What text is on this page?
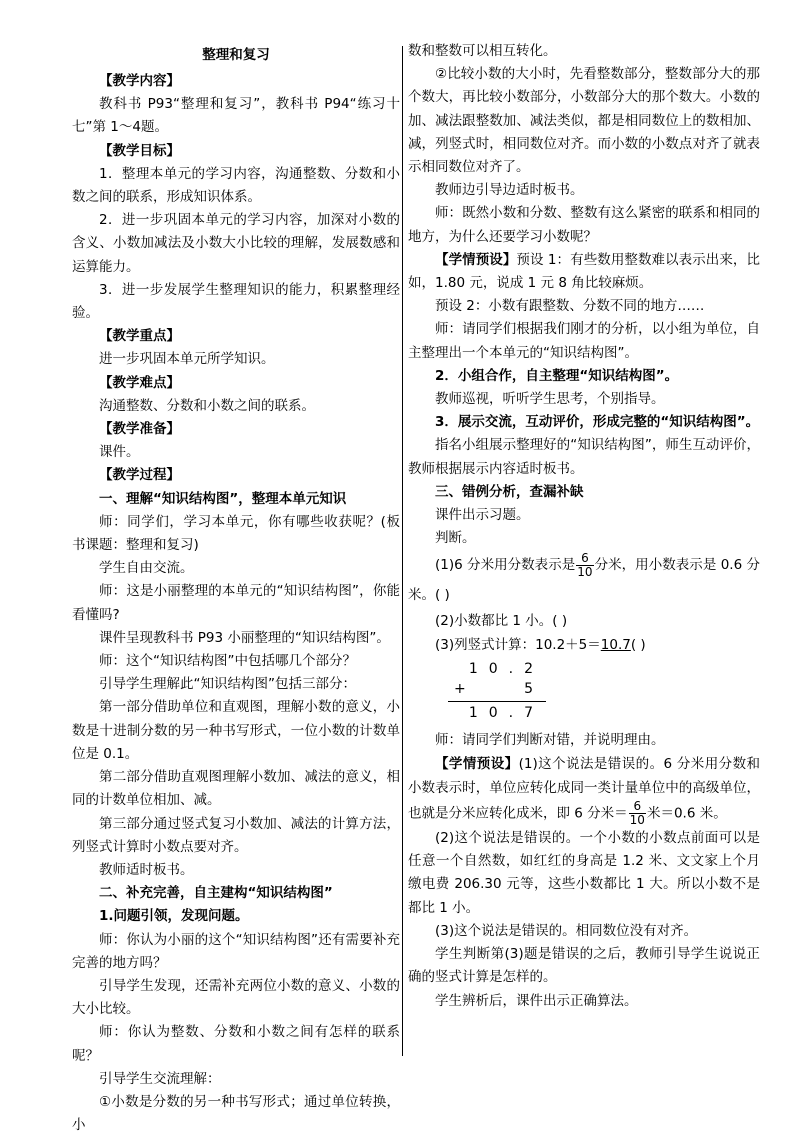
整理和复习

【教学内容】

教科书 P93“整理和复习”，教科书 P94“练习十七”第 1～4题。

【教学目标】

1．整理本单元的学习内容，沟通整数、分数和小数之间的联系，形成知识体系。

2．进一步巩固本单元的学习内容，加深对小数的含义、小数加减法及小数大小比较的理解，发展数感和运算能力。

3．进一步发展学生整理知识的能力，积累整理经验。

【教学重点】

进一步巩固本单元所学知识。

【教学难点】

沟通整数、分数和小数之间的联系。

【教学准备】

课件。

【教学过程】

一、理解“知识结构图”，整理本单元知识

师：同学们，学习本单元，你有哪些收获呢？(板书课题：整理和复习)

学生自由交流。

师：这是小丽整理的本单元的“知识结构图”，你能看懂吗?

课件呈现教科书 P93 小丽整理的“知识结构图”。

师：这个“知识结构图”中包括哪几个部分？

引导学生理解此“知识结构图”包括三部分：

第一部分借助单位和直观图，理解小数的意义，小数是十进制分数的另一种书写形式，一位小数的计数单位是 0.1。

第二部分借助直观图理解小数加、减法的意义，相同的计数单位相加、减。

第三部分通过竖式复习小数加、减法的计算方法，列竖式计算时小数点要对齐。

教师适时板书。

二、补充完善，自主建构“知识结构图”

1.问题引领，发现问题。

师：你认为小丽的这个“知识结构图”还有需要补充完善的地方吗？

引导学生发现，还需补充两位小数的意义、小数的大小比较。

师：你认为整数、分数和小数之间有怎样的联系呢？

引导学生交流理解：

①小数是分数的另一种书写形式；通过单位转换，小

数和整数可以相互转化。

②比较小数的大小时，先看整数部分，整数部分大的那个数大，再比较小数部分，小数部分大的那个数大。小数的加、减法跟整数加、减法类似，都是相同数位上的数相加、减，列竖式时，相同数位对齐。而小数的小数点对齐了就表示相同数位对齐了。

教师边引导边适时板书。

师：既然小数和分数、整数有这么紧密的联系和相同的地方，为什么还要学习小数呢？

【学情预设】预设 1：有些数用整数难以表示出来，比如，1.80 元，说成 1 元 8 角比较麻烦。

预设 2：小数有跟整数、分数不同的地方……

师：请同学们根据我们刚才的分析，以小组为单位，自主整理出一个本单元的“知识结构图”。

2．小组合作，自主整理“知识结构图”。

教师巡视，听听学生思考，个别指导。

3．展示交流，互动评价，形成完整的“知识结构图”。

指名小组展示整理好的“知识结构图”，师生互动评价，教师根据展示内容适时板书。

三、错例分析，查漏补缺

课件出示习题。

判断。

(1)6 分米用分数表示是 $\frac{6}{10}$ 分米，用小数表示是 0.6 分米。( )

(2)小数都比 1 小。( )

(3)列竖式计算：10.2＋5＝10.7( )

10.2
+	5
10.7

师：请同学们判断对错，并说明理由。

【学情预设】(1)这个说法是错误的。6 分米用分数和小数表示时，单位应转化成同一类计量单位中的高级单位，也就是分米应转化成米，即 6 分米＝ $\frac{6}{10}$ 米＝0.6 米。

(2)这个说法是错误的。一个小数的小数点前面可以是任意一个自然数，如红红的身高是 1.2 米、文文家上个月缴电费 206.30 元等，这些小数都比 1 大。所以小数不是都比 1 小。

(3)这个说法是错误的。相同数位没有对齐。

学生判断第(3)题是错误的之后，教师引导学生说说正确的竖式计算是怎样的。

学生辨析后，课件出示正确算法。
